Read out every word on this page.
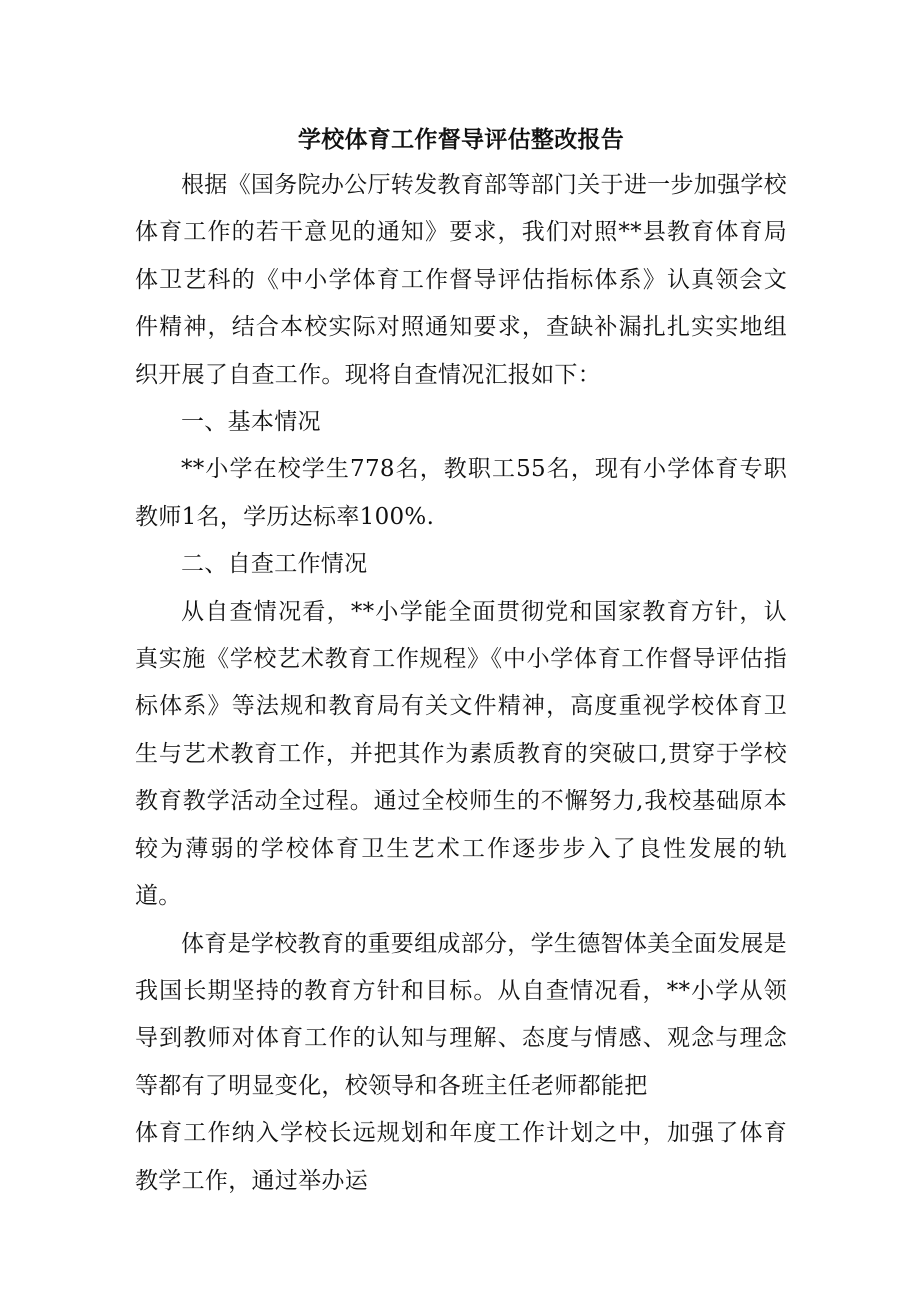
学校体育工作督导评估整改报告

根据《国务院办公厅转发教育部等部门关于进一步加强学校体育工作的若干意见的通知》要求，我们对照**县教育体育局体卫艺科的《中小学体育工作督导评估指标体系》认真领会文件精神，结合本校实际对照通知要求，查缺补漏扎扎实实地组织开展了自查工作。现将自查情况汇报如下：

一、基本情况

**小学在校学生778名，教职工55名，现有小学体育专职教师1名，学历达标率100%.

二、自查工作情况

从自查情况看，**小学能全面贯彻党和国家教育方针，认真实施《学校艺术教育工作规程》《中小学体育工作督导评估指标体系》等法规和教育局有关文件精神，高度重视学校体育卫生与艺术教育工作，并把其作为素质教育的突破口,贯穿于学校教育教学活动全过程。通过全校师生的不懈努力,我校基础原本较为薄弱的学校体育卫生艺术工作逐步步入了良性发展的轨道。

体育是学校教育的重要组成部分，学生德智体美全面发展是我国长期坚持的教育方针和目标。从自查情况看，**小学从领导到教师对体育工作的认知与理解、态度与情感、观念与理念等都有了明显变化，校领导和各班主任老师都能把

体育工作纳入学校长远规划和年度工作计划之中，加强了体育教学工作，通过举办运
